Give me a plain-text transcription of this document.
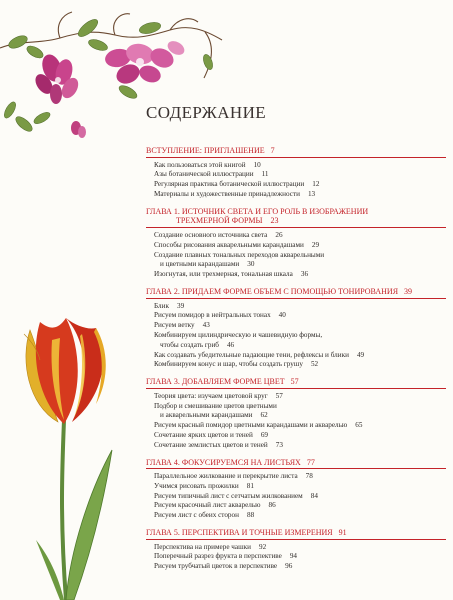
СОДЕРЖАНИЕ
ВСТУПЛЕНИЕ: ПРИГЛАШЕНИЕ 7
Как пользоваться этой книгой 10
Азы ботанической иллюстрации 11
Регулярная практика ботанической иллюстрации 12
Материалы и художественные принадлежности 13
ГЛАВА 1. ИСТОЧНИК СВЕТА И ЕГО РОЛЬ В ИЗОБРАЖЕНИИ
ТРЕХМЕРНОЙ ФОРМЫ 23
Создание основного источника света 26
Способы рисования акварельными карандашами 29
Создание плавных тональных переходов акварельными
и цветными карандашами 30
Изогнутая, или трехмерная, тональная шкала 36
ГЛАВА 2. ПРИДАЕМ ФОРМЕ ОБЪЕМ С ПОМОЩЬЮ ТОНИРОВАНИЯ 39
Блик 39
Рисуем помидор в нейтральных тонах 40
Рисуем ветку 43
Комбинируем цилиндрическую и чашевидную формы,
чтобы создать гриб 46
Как создавать убедительные падающие тени, рефлексы и блики 49
Комбинируем конус и шар, чтобы создать грушу 52
ГЛАВА 3. ДОБАВЛЯЕМ ФОРМЕ ЦВЕТ 57
Теория цвета: изучаем цветовой круг 57
Подбор и смешивание цветов цветными
и акварельными карандашами 62
Рисуем красный помидор цветными карандашами и акварелью 65
Сочетание ярких цветов и теней 69
Сочетание землистых цветов и теней 73
ГЛАВА 4. ФОКУСИРУЕМСЯ НА ЛИСТЬЯХ 77
Параллельное жилкование и перекрытие листа 78
Учимся рисовать прожилки 81
Рисуем типичный лист с сетчатым жилкованием 84
Рисуем красочный лист акварелью 86
Рисуем лист с обеих сторон 88
ГЛАВА 5. ПЕРСПЕКТИВА И ТОЧНЫЕ ИЗМЕРЕНИЯ 91
Перспектива на примере чашки 92
Поперечный разрез фрукта в перспективе 94
Рисуем трубчатый цветок в перспективе 96
